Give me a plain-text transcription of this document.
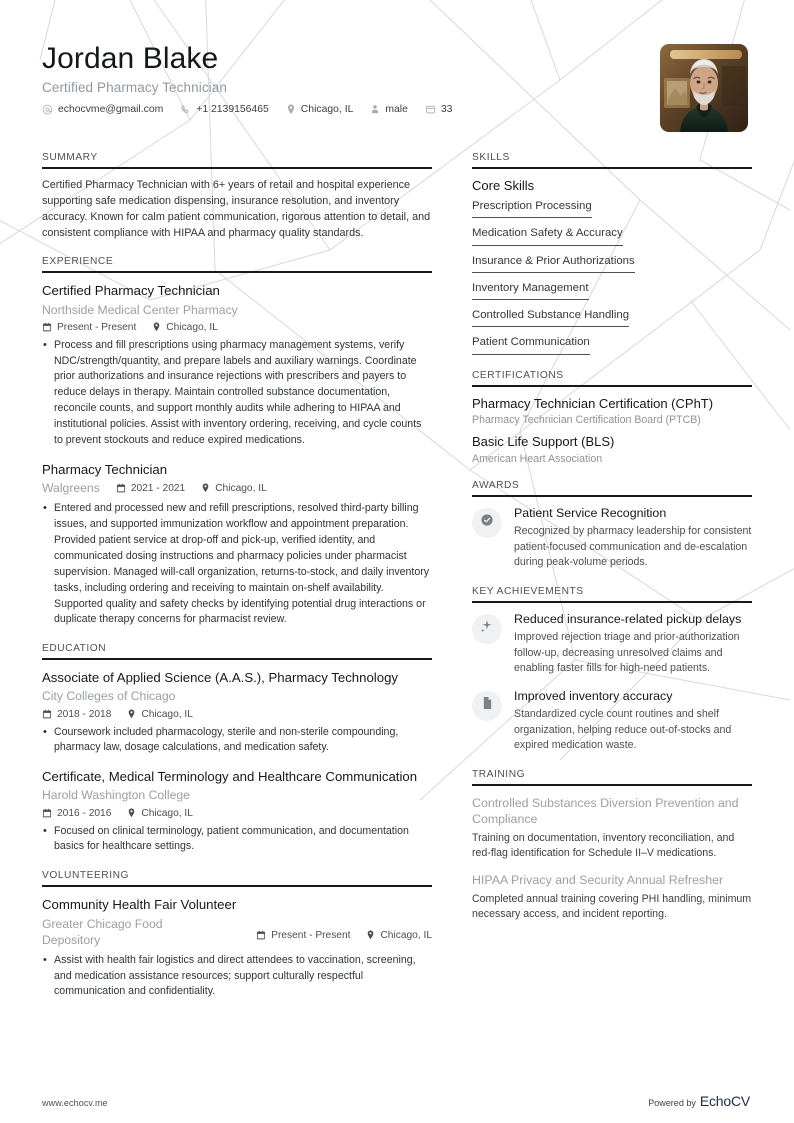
Jordan Blake
Certified Pharmacy Technician
echocvme@gmail.com	+1 2139156465	Chicago, IL	male	33
SUMMARY
Certified Pharmacy Technician with 6+ years of retail and hospital experience supporting safe medication dispensing, insurance resolution, and inventory accuracy. Known for calm patient communication, rigorous attention to detail, and consistent compliance with HIPAA and pharmacy quality standards.
EXPERIENCE
Certified Pharmacy Technician
Northside Medical Center Pharmacy
Present - Present	Chicago, IL
• Process and fill prescriptions using pharmacy management systems, verify NDC/strength/quantity, and prepare labels and auxiliary warnings. Coordinate prior authorizations and insurance rejections with prescribers and payers to reduce delays in therapy. Maintain controlled substance documentation, reconcile counts, and support monthly audits while adhering to HIPAA and institutional policies. Assist with inventory ordering, receiving, and cycle counts to prevent stockouts and reduce expired medications.
Pharmacy Technician
Walgreens	2021 - 2021	Chicago, IL
• Entered and processed new and refill prescriptions, resolved third-party billing issues, and supported immunization workflow and appointment preparation. Provided patient service at drop-off and pick-up, verified identity, and communicated dosing instructions and pharmacy policies under pharmacist supervision. Managed will-call organization, returns-to-stock, and daily inventory tasks, including ordering and receiving to maintain on-shelf availability. Supported quality and safety checks by identifying potential drug interactions or duplicate therapy concerns for pharmacist review.
EDUCATION
Associate of Applied Science (A.A.S.), Pharmacy Technology
City Colleges of Chicago
2018 - 2018	Chicago, IL
• Coursework included pharmacology, sterile and non-sterile compounding, pharmacy law, dosage calculations, and medication safety.
Certificate, Medical Terminology and Healthcare Communication
Harold Washington College
2016 - 2016	Chicago, IL
• Focused on clinical terminology, patient communication, and documentation basics for healthcare settings.
VOLUNTEERING
Community Health Fair Volunteer
Greater Chicago Food Depository	Present - Present	Chicago, IL
• Assist with health fair logistics and direct attendees to vaccination, screening, and medication assistance resources; support culturally respectful communication and confidentiality.
SKILLS
Core Skills
Prescription Processing
Medication Safety & Accuracy
Insurance & Prior Authorizations
Inventory Management
Controlled Substance Handling
Patient Communication
CERTIFICATIONS
Pharmacy Technician Certification (CPhT)
Pharmacy Technician Certification Board (PTCB)
Basic Life Support (BLS)
American Heart Association
AWARDS
Patient Service Recognition
Recognized by pharmacy leadership for consistent patient-focused communication and de-escalation during peak-volume periods.
KEY ACHIEVEMENTS
Reduced insurance-related pickup delays
Improved rejection triage and prior-authorization follow-up, decreasing unresolved claims and enabling faster fills for high-need patients.
Improved inventory accuracy
Standardized cycle count routines and shelf organization, helping reduce out-of-stocks and expired medication waste.
TRAINING
Controlled Substances Diversion Prevention and Compliance
Training on documentation, inventory reconciliation, and red-flag identification for Schedule II–V medications.
HIPAA Privacy and Security Annual Refresher
Completed annual training covering PHI handling, minimum necessary access, and incident reporting.
www.echocv.me	Powered by EchoCV
